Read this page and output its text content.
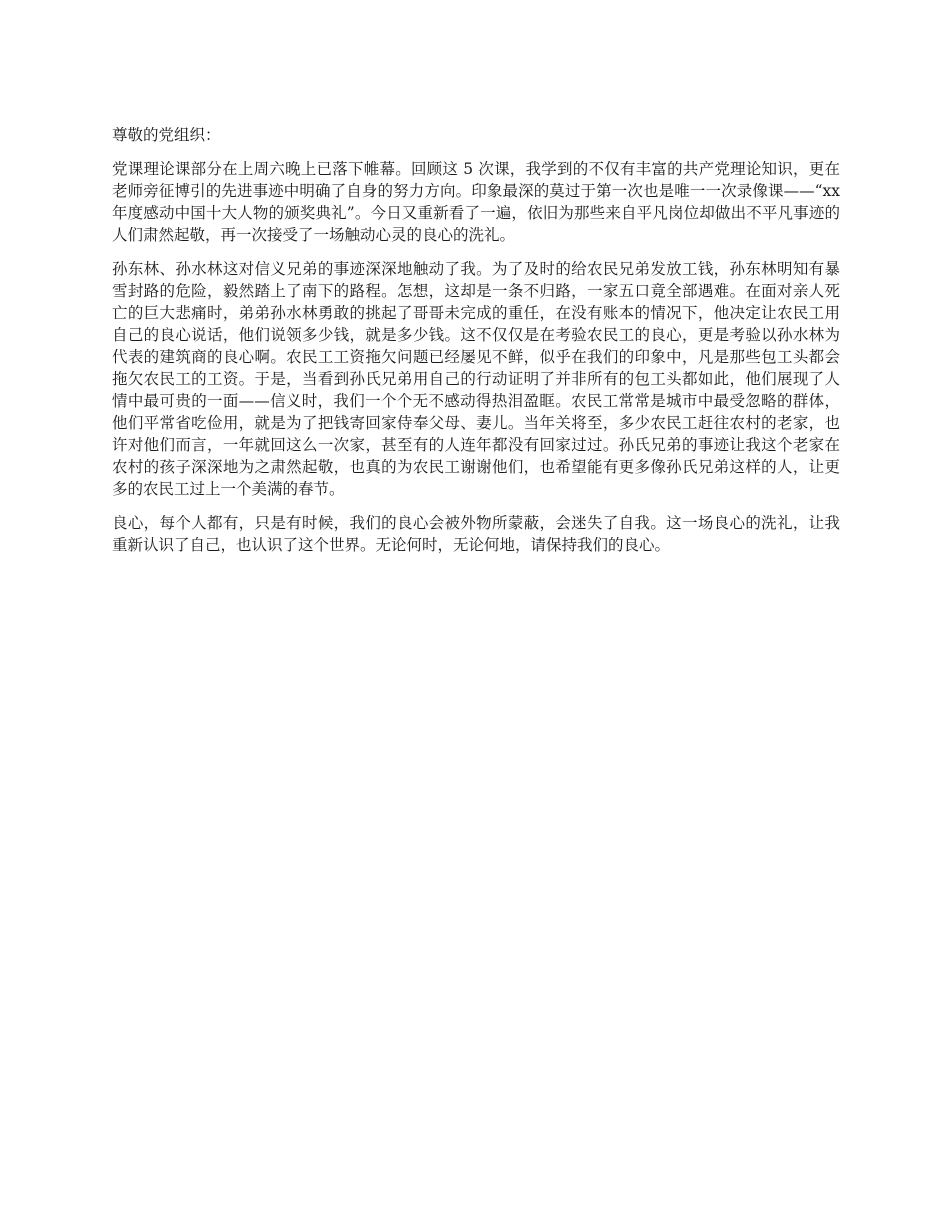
尊敬的党组织：

党课理论课部分在上周六晚上已落下帷幕。回顾这 5 次课，我学到的不仅有丰富的共产党理论知识，更在老师旁征博引的先进事迹中明确了自身的努力方向。印象最深的莫过于第一次也是唯一一次录像课——“xx 年度感动中国十大人物的颁奖典礼”。今日又重新看了一遍，依旧为那些来自平凡岗位却做出不平凡事迹的人们肃然起敬，再一次接受了一场触动心灵的良心的洗礼。

孙东林、孙水林这对信义兄弟的事迹深深地触动了我。为了及时的给农民兄弟发放工钱，孙东林明知有暴雪封路的危险，毅然踏上了南下的路程。怎想，这却是一条不归路，一家五口竟全部遇难。在面对亲人死亡的巨大悲痛时，弟弟孙水林勇敢的挑起了哥哥未完成的重任，在没有账本的情况下，他决定让农民工用自己的良心说话，他们说领多少钱，就是多少钱。这不仅仅是在考验农民工的良心，更是考验以孙水林为代表的建筑商的良心啊。农民工工资拖欠问题已经屡见不鲜，似乎在我们的印象中，凡是那些包工头都会拖欠农民工的工资。于是，当看到孙氏兄弟用自己的行动证明了并非所有的包工头都如此，他们展现了人情中最可贵的一面——信义时，我们一个个无不感动得热泪盈眶。农民工常常是城市中最受忽略的群体，他们平常省吃俭用，就是为了把钱寄回家侍奉父母、妻儿。当年关将至，多少农民工赶往农村的老家，也许对他们而言，一年就回这么一次家，甚至有的人连年都没有回家过过。孙氏兄弟的事迹让我这个老家在农村的孩子深深地为之肃然起敬，也真的为农民工谢谢他们，也希望能有更多像孙氏兄弟这样的人，让更多的农民工过上一个美满的春节。

良心，每个人都有，只是有时候，我们的良心会被外物所蒙蔽，会迷失了自我。这一场良心的洗礼，让我重新认识了自己，也认识了这个世界。无论何时，无论何地，请保持我们的良心。
